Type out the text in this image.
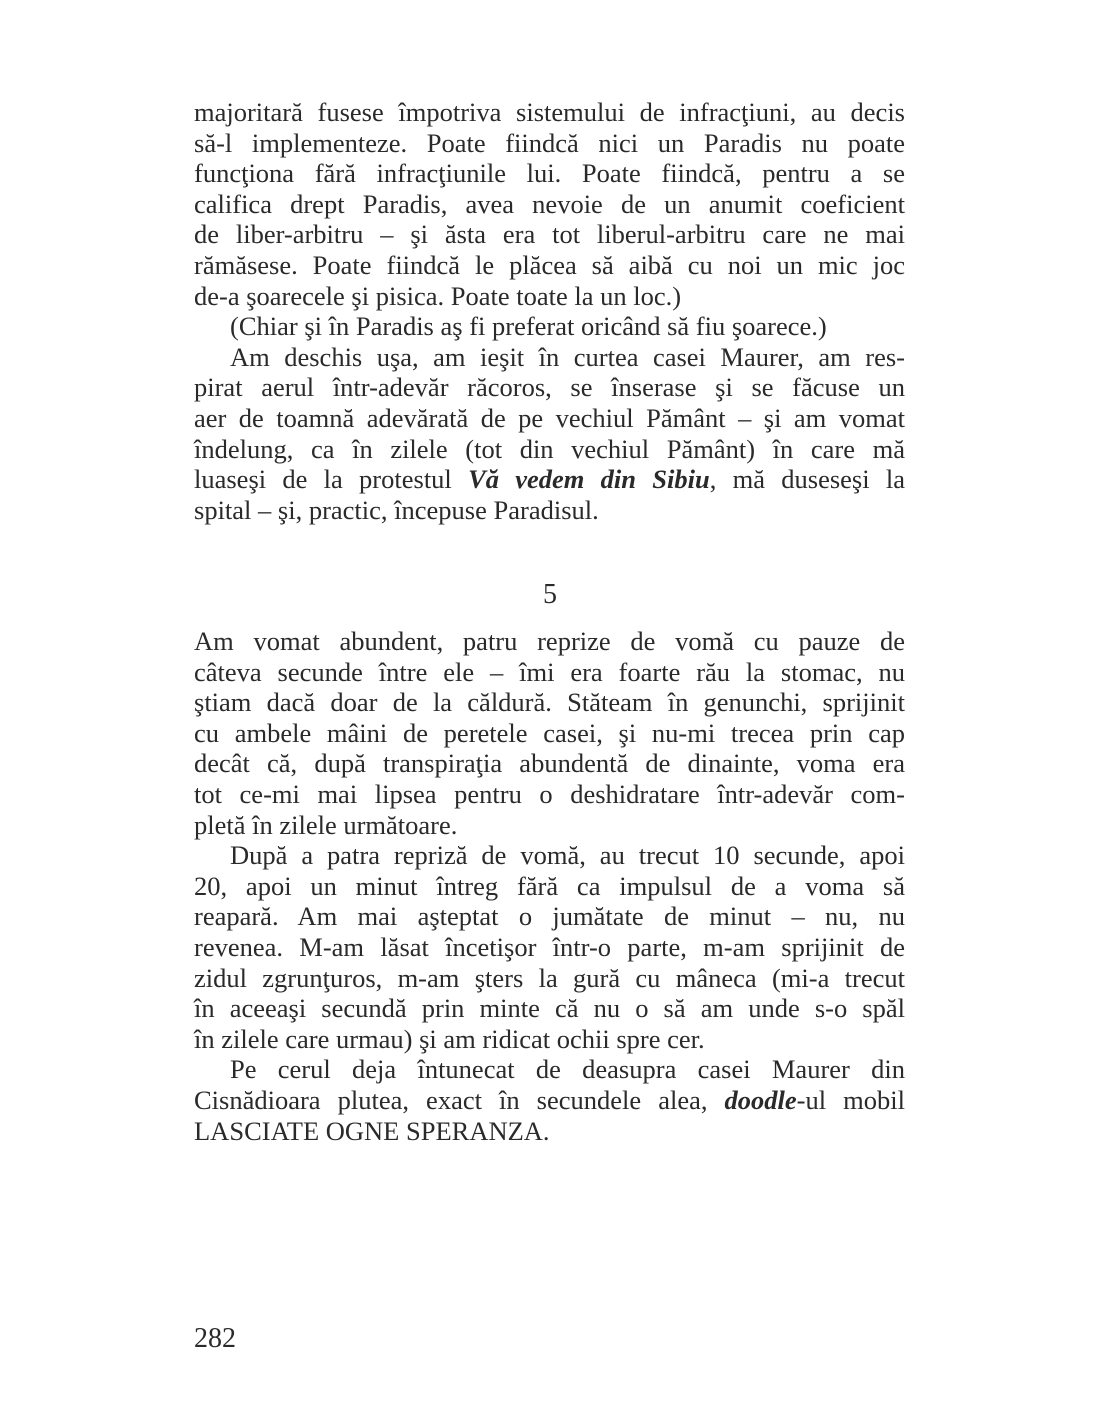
majoritară fusese împotriva sistemului de infracţiuni, au decis
să-l implementeze. Poate fiindcă nici un Paradis nu poate
funcţiona fără infracţiunile lui. Poate fiindcă, pentru a se
califica drept Paradis, avea nevoie de un anumit coeficient
de liber-arbitru – şi ăsta era tot liberul-arbitru care ne mai
rămăsese. Poate fiindcă le plăcea să aibă cu noi un mic joc
de-a şoarecele şi pisica. Poate toate la un loc.)
(Chiar şi în Paradis aş fi preferat oricând să fiu şoarece.)
Am deschis uşa, am ieşit în curtea casei Maurer, am res-
pirat aerul într-adevăr răcoros, se înserase şi se făcuse un
aer de toamnă adevărată de pe vechiul Pământ – şi am vomat
îndelung, ca în zilele (tot din vechiul Pământ) în care mă
luaseşi de la protestul Vă vedem din Sibiu, mă duseseşi la
spital – şi, practic, începuse Paradisul.
5
Am vomat abundent, patru reprize de vomă cu pauze de
câteva secunde între ele – îmi era foarte rău la stomac, nu
ştiam dacă doar de la căldură. Stăteam în genunchi, sprijinit
cu ambele mâini de peretele casei, şi nu-mi trecea prin cap
decât că, după transpiraţia abundentă de dinainte, voma era
tot ce-mi mai lipsea pentru o deshidratare într-adevăr com-
pletă în zilele următoare.
După a patra repriză de vomă, au trecut 10 secunde, apoi
20, apoi un minut întreg fără ca impulsul de a voma să
reapară. Am mai aşteptat o jumătate de minut – nu, nu
revenea. M-am lăsat încetişor într-o parte, m-am sprijinit de
zidul zgrunţuros, m-am şters la gură cu mâneca (mi-a trecut
în aceeaşi secundă prin minte că nu o să am unde s-o spăl
în zilele care urmau) şi am ridicat ochii spre cer.
Pe cerul deja întunecat de deasupra casei Maurer din
Cisnădioara plutea, exact în secundele alea, doodle-ul mobil
LASCIATE OGNE SPERANZA.
282
